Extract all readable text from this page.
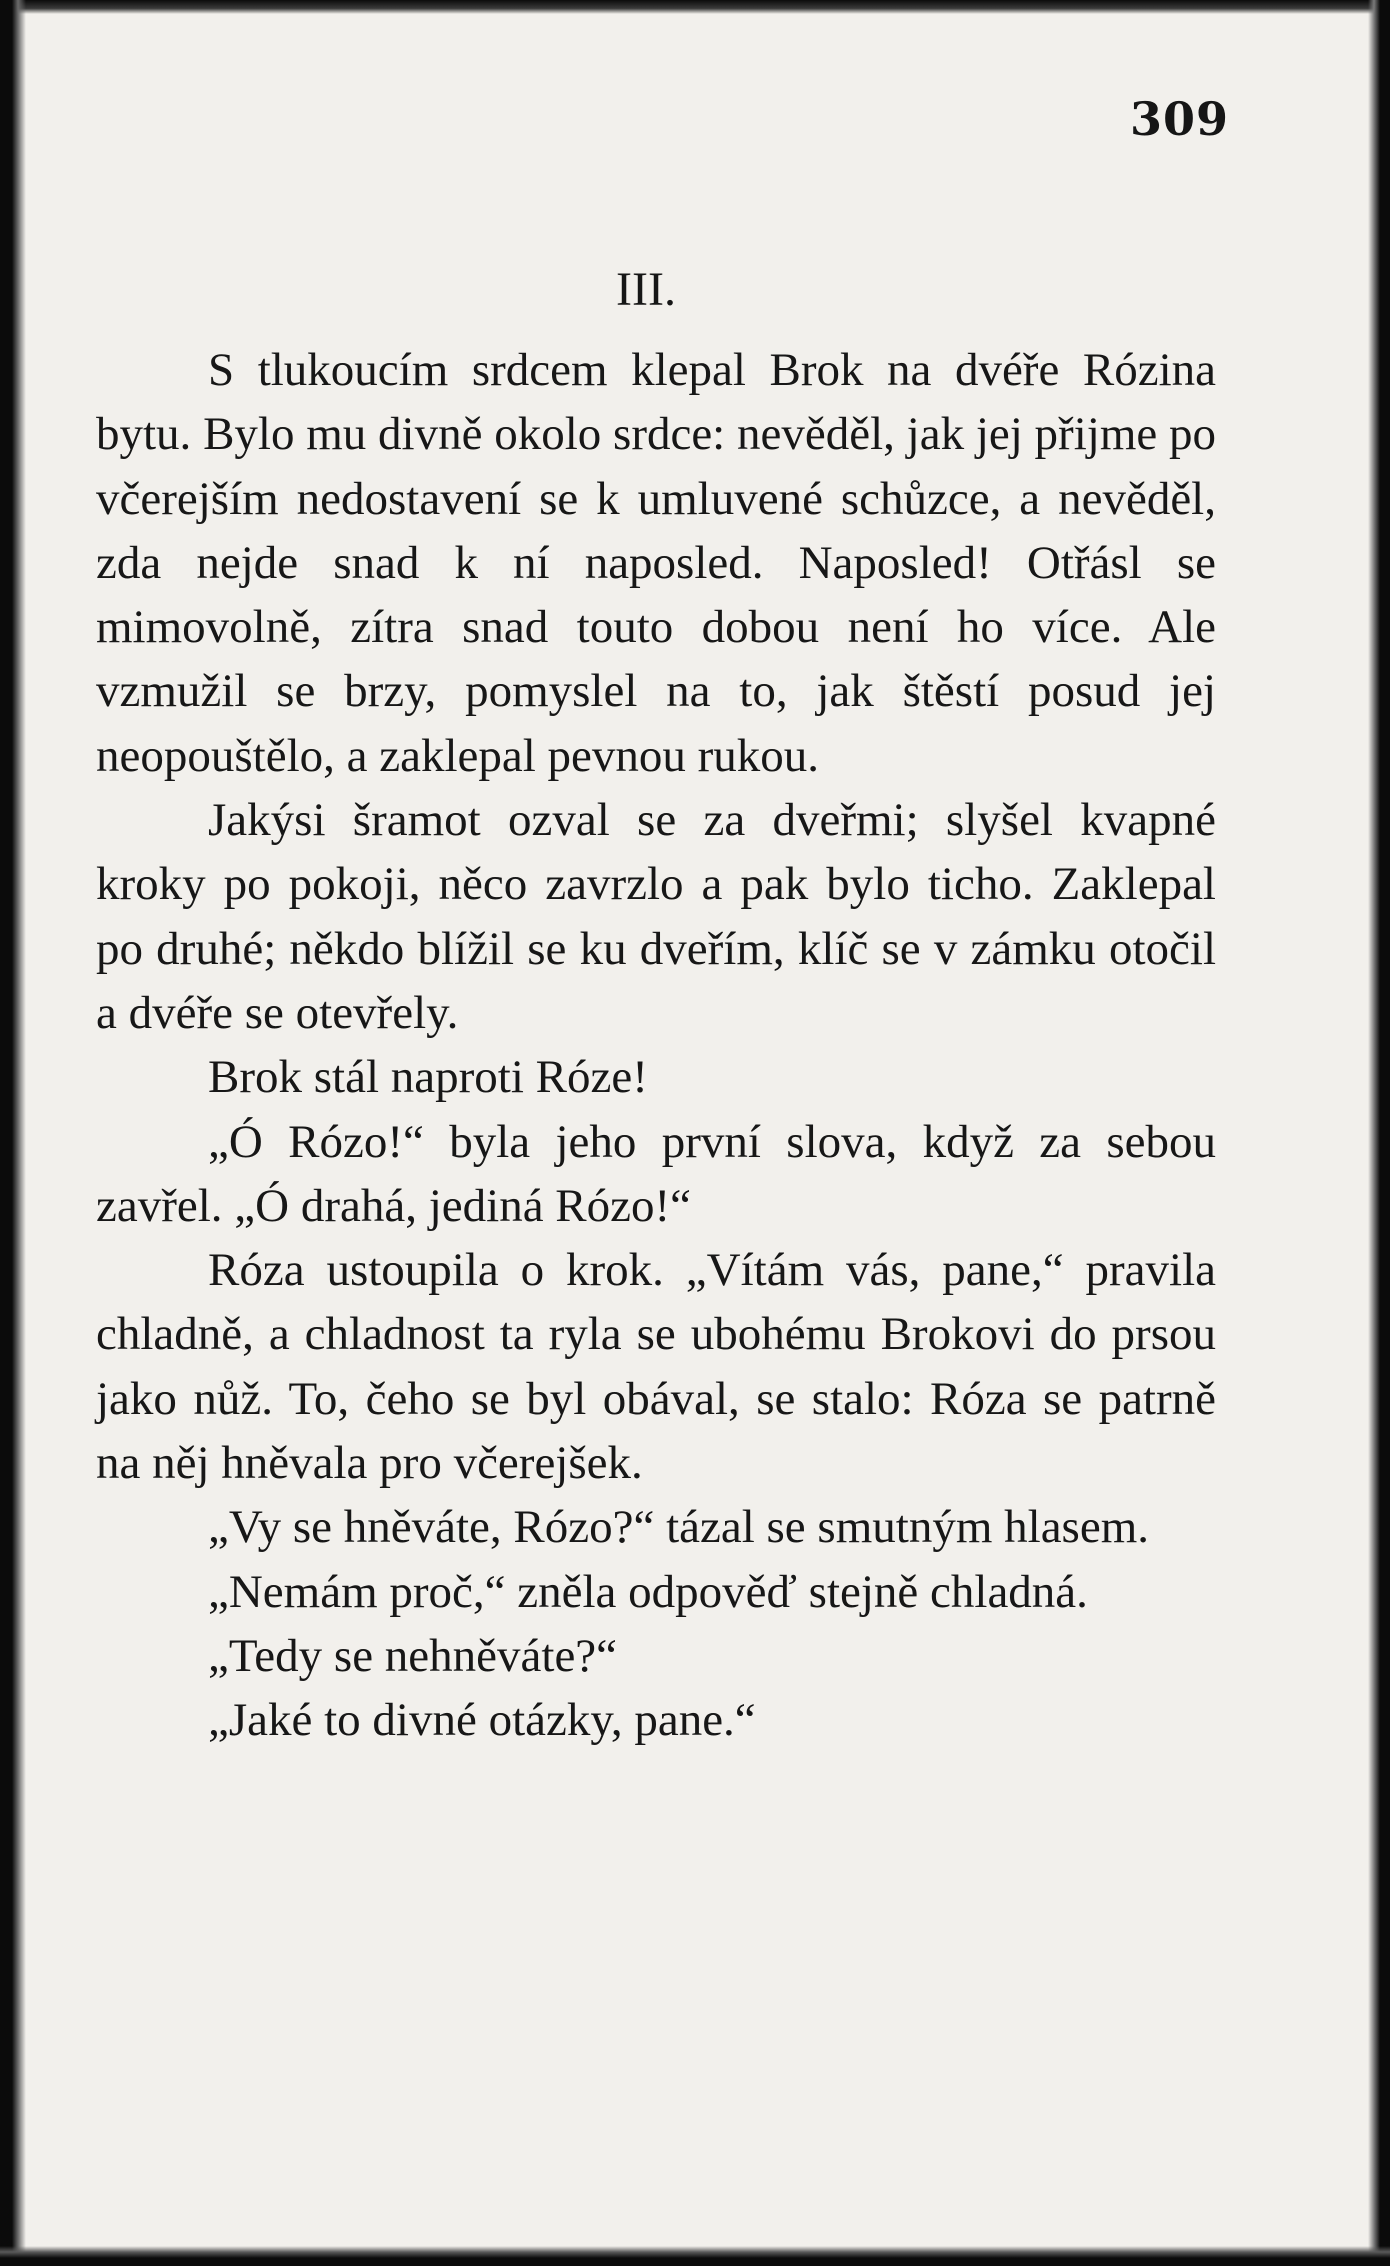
309
III.

S tlukoucím srdcem klepal Brok na dvéře Rózina bytu. Bylo mu divně okolo srdce: nevěděl, jak jej přijme po včerejším nedostavení se k umluvené schůzce, a nevěděl, zda nejde snad k ní naposled. Naposled! Otřásl se mimovolně, zítra snad touto dobou není ho více. Ale vzmužil se brzy, pomyslel na to, jak štěstí posud jej neopouštělo, a zaklepal pevnou rukou.

Jakýsi šramot ozval se za dveřmi; slyšel kvapné kroky po pokoji, něco zavrzlo a pak bylo ticho. Zaklepal po druhé; někdo blížil se ku dveřím, klíč se v zámku otočil a dvéře se otevřely.

Brok stál naproti Róze!

„Ó Rózo!“ byla jeho první slova, když za sebou zavřel. „Ó drahá, jediná Rózo!“

Róza ustoupila o krok. „Vítám vás, pane,“ pravila chladně, a chladnost ta ryla se ubohému Brokovi do prsou jako nůž. To, čeho se byl obával, se stalo: Róza se patrně na něj hněvala pro včerejšek.

„Vy se hněváte, Rózo?“ tázal se smutným hlasem.

„Nemám proč,“ zněla odpověď stejně chladná.

„Tedy se nehněváte?“

„Jaké to divné otázky, pane.“
